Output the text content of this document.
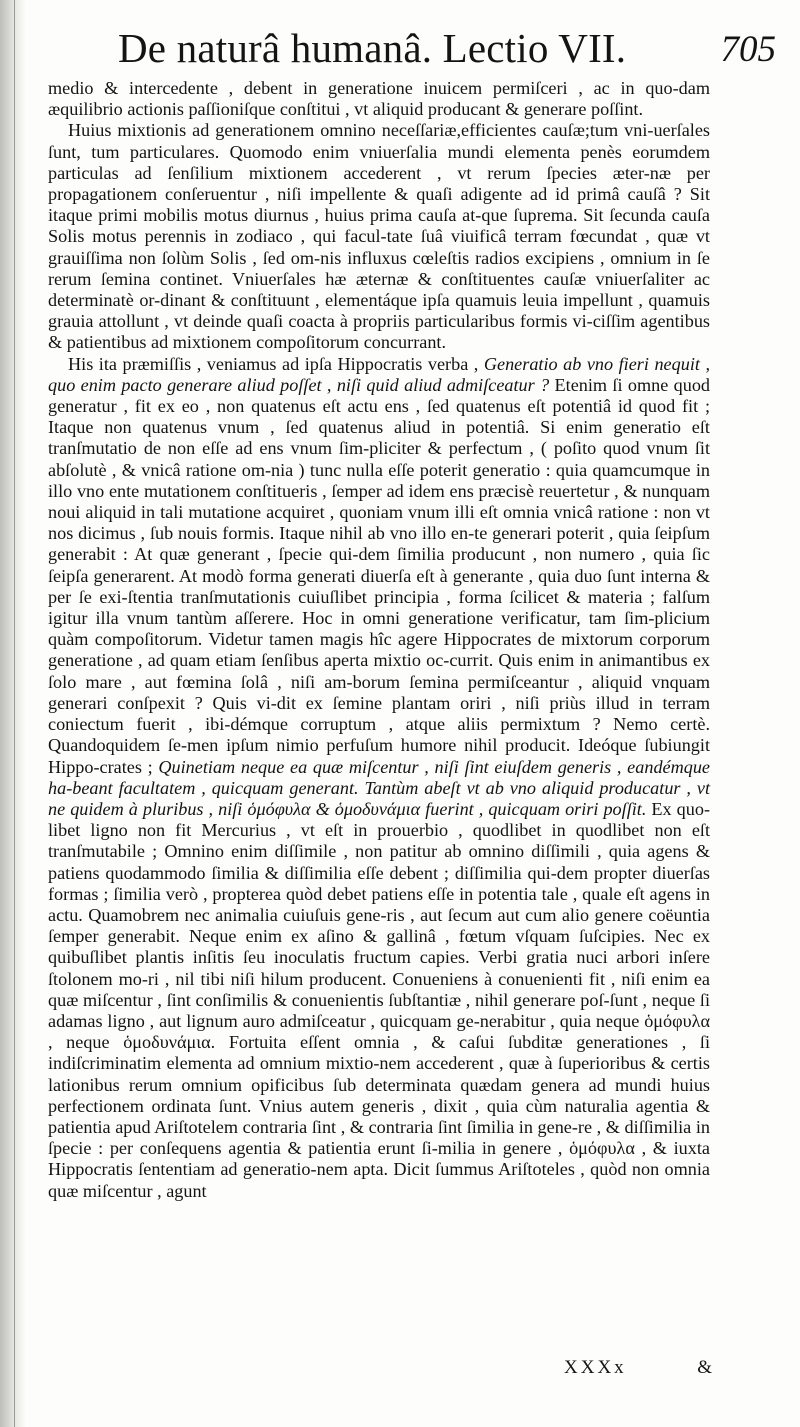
De naturâ humanâ. Lectio VII.	705

medio & intercedente , debent in generatione inuicem permiſceri , ac in quo-dam æquilibrio actionis paſſioniſque conſtitui , vt aliquid producant & generare poſſint.

Huius mixtionis ad generationem omnino neceſſariæ,efficientes cauſæ;tum vni-uerſales ſunt, tum particulares. Quomodo enim vniuerſalia mundi elementa penès eorumdem particulas ad ſenſilium mixtionem accederent , vt rerum ſpecies æter-næ per propagationem conſeruentur , niſi impellente & quaſi adigente ad id primâ cauſâ ? Sit itaque primi mobilis motus diurnus , huius prima cauſa at-que ſuprema. Sit ſecunda cauſa Solis motus perennis in zodiaco , qui facul-tate ſuâ viuificâ terram fœcundat , quæ vt grauiſſima non ſolùm Solis , ſed om-nis influxus cœleſtis radios excipiens , omnium in ſe rerum ſemina continet. Vniuerſales hæ æternæ & conſtituentes cauſæ vniuerſaliter ac determinatè or-dinant & conſtituunt , elementáque ipſa quamuis leuia impellunt , quamuis grauia attollunt , vt deinde quaſi coacta à propriis particularibus formis vi-ciſſim agentibus & patientibus ad mixtionem compoſitorum concurrant.

His ita præmiſſis , veniamus ad ipſa Hippocratis verba , Generatio ab vno fieri nequit , quo enim pacto generare aliud poſſet , niſi quid aliud admiſceatur ? Etenim ſi omne quod generatur , fit ex eo , non quatenus eſt actu ens , ſed quatenus eſt potentiâ id quod fit ; Itaque non quatenus vnum , ſed quatenus aliud in potentiâ. Si enim generatio eſt tranſmutatio de non eſſe ad ens vnum ſim-pliciter & perfectum , ( poſito quod vnum ſit abſolutè , & vnicâ ratione om-nia ) tunc nulla eſſe poterit generatio : quia quamcumque in illo vno ente mutationem conſtitueris , ſemper ad idem ens præcisè reuertetur , & nunquam noui aliquid in tali mutatione acquiret , quoniam vnum illi eſt omnia vnicâ ratione : non vt nos dicimus , ſub nouis formis. Itaque nihil ab vno illo en-te generari poterit , quia ſeipſum generabit : At quæ generant , ſpecie qui-dem ſimilia producunt , non numero , quia ſic ſeipſa generarent. At modò forma generati diuerſa eſt à generante , quia duo ſunt interna & per ſe exi-ſtentia tranſmutationis cuiuſlibet principia , forma ſcilicet & materia ; falſum igitur illa vnum tantùm aſſerere. Hoc in omni generatione verificatur, tam ſim-plicium quàm compoſitorum. Videtur tamen magis hîc agere Hippocrates de mixtorum corporum generatione , ad quam etiam ſenſibus aperta mixtio oc-currit. Quis enim in animantibus ex ſolo mare , aut fœmina ſolâ , niſi am-borum ſemina permiſceantur , aliquid vnquam generari conſpexit ? Quis vi-dit ex ſemine plantam oriri , niſi priùs illud in terram coniectum fuerit , ibi-démque corruptum , atque aliis permixtum ? Nemo certè. Quandoquidem ſe-men ipſum nimio perfuſum humore nihil producit. Ideóque ſubiungit Hippo-crates ; Quinetiam neque ea quæ miſcentur , niſi ſint eiuſdem generis , eandémque ha-beant facultatem , quicquam generant. Tantùm abeſt vt ab vno aliquid producatur , vt ne quidem à pluribus , niſi ὁμόφυλα & ὁμοδυνάμια fuerint , quicquam oriri poſſit. Ex quo-libet ligno non fit Mercurius , vt eſt in prouerbio , quodlibet in quodlibet non eſt tranſmutabile ; Omnino enim diſſimile , non patitur ab omnino diſſimili , quia agens & patiens quodammodo ſimilia & diſſimilia eſſe debent ; diſſimilia qui-dem propter diuerſas formas ; ſimilia verò , propterea quòd debet patiens eſſe in potentia tale , quale eſt agens in actu. Quamobrem nec animalia cuiuſuis gene-ris , aut ſecum aut cum alio genere coëuntia ſemper generabit. Neque enim ex aſino & gallinâ , fœtum vſquam ſuſcipies. Nec ex quibuſlibet plantis inſitis ſeu inoculatis fructum capies. Verbi gratia nuci arbori inſere ſtolonem mo-ri , nil tibi niſi hilum producent. Conueniens à conuenienti fit , niſi enim ea quæ miſcentur , ſint conſimilis & conuenientis ſubſtantiæ , nihil generare poſ-ſunt , neque ſi adamas ligno , aut lignum auro admiſceatur , quicquam ge-nerabitur , quia neque ὁμόφυλα , neque ὁμοδυνάμια. Fortuita eſſent omnia , & caſui ſubditæ generationes , ſi indiſcriminatim elementa ad omnium mixtio-nem accederent , quæ à ſuperioribus & certis lationibus rerum omnium opificibus ſub determinata quædam genera ad mundi huius perfectionem ordinata ſunt. Vnius autem generis , dixit , quia cùm naturalia agentia & patientia apud Ariſtotelem contraria ſint , & contraria ſint ſimilia in gene-re , & diſſimilia in ſpecie : per conſequens agentia & patientia erunt ſi-milia in genere , ὁμόφυλα , & iuxta Hippocratis ſententiam ad generatio-nem apta. Dicit ſummus Ariſtoteles , quòd non omnia quæ miſcentur , agunt

XXXx	&
